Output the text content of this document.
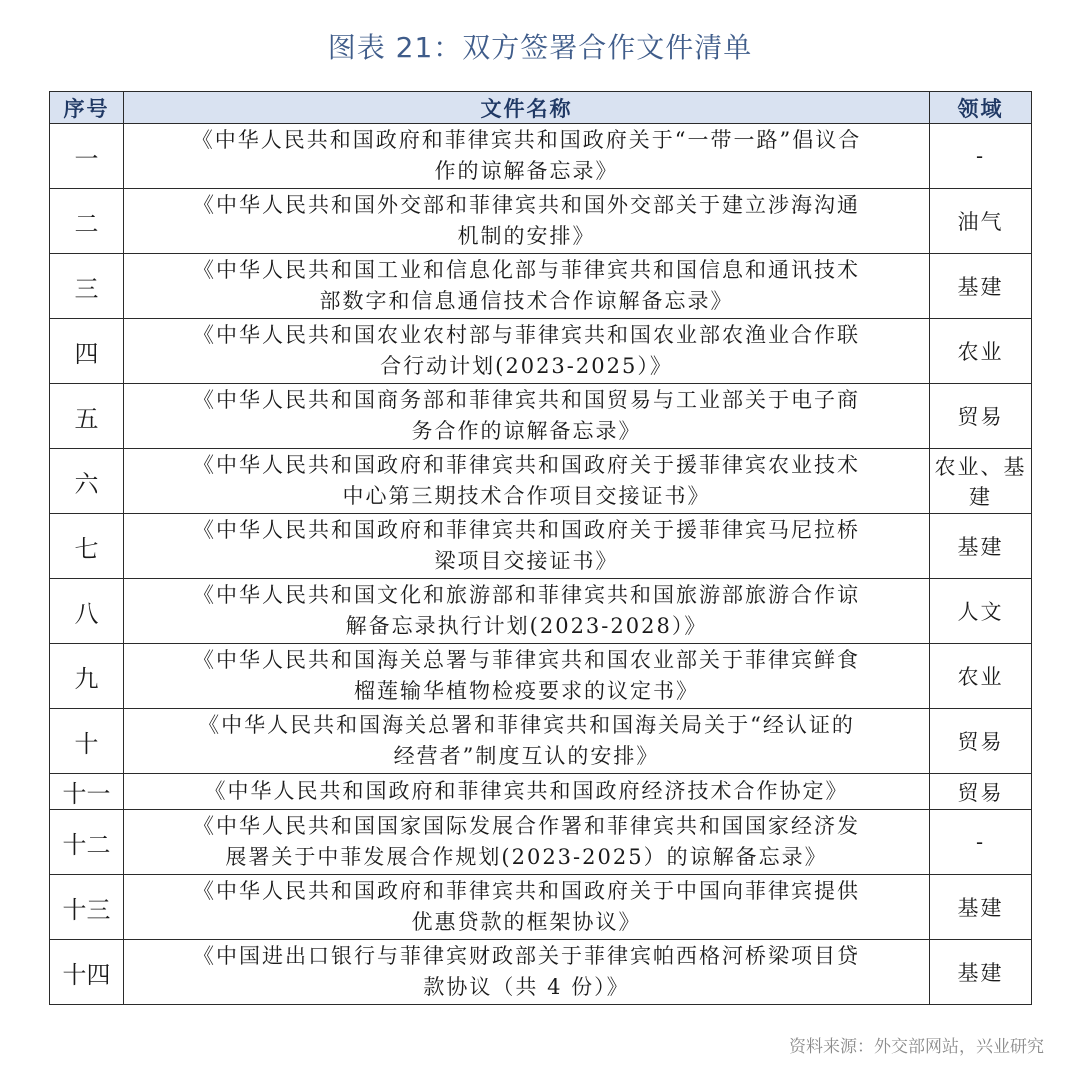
图表 21：双方签署合作文件清单
序号	文件名称	领域
一	《中华人民共和国政府和菲律宾共和国政府关于“一带一路”倡议合
作的谅解备忘录》	-
二	《中华人民共和国外交部和菲律宾共和国外交部关于建立涉海沟通
机制的安排》	油气
三	《中华人民共和国工业和信息化部与菲律宾共和国信息和通讯技术
部数字和信息通信技术合作谅解备忘录》	基建
四	《中华人民共和国农业农村部与菲律宾共和国农业部农渔业合作联
合行动计划(2023-2025）》	农业
五	《中华人民共和国商务部和菲律宾共和国贸易与工业部关于电子商
务合作的谅解备忘录》	贸易
六	《中华人民共和国政府和菲律宾共和国政府关于援菲律宾农业技术
中心第三期技术合作项目交接证书》	农业、基建
七	《中华人民共和国政府和菲律宾共和国政府关于援菲律宾马尼拉桥
梁项目交接证书》	基建
八	《中华人民共和国文化和旅游部和菲律宾共和国旅游部旅游合作谅
解备忘录执行计划(2023-2028）》	人文
九	《中华人民共和国海关总署与菲律宾共和国农业部关于菲律宾鲜食
榴莲输华植物检疫要求的议定书》	农业
十	《中华人民共和国海关总署和菲律宾共和国海关局关于“经认证的
经营者”制度互认的安排》	贸易
十一	《中华人民共和国政府和菲律宾共和国政府经济技术合作协定》	贸易
十二	《中华人民共和国国家国际发展合作署和菲律宾共和国国家经济发
展署关于中菲发展合作规划(2023-2025）的谅解备忘录》	-
十三	《中华人民共和国政府和菲律宾共和国政府关于中国向菲律宾提供
优惠贷款的框架协议》	基建
十四	《中国进出口银行与菲律宾财政部关于菲律宾帕西格河桥梁项目贷
款协议（共 4 份）》	基建
资料来源：外交部网站，兴业研究
